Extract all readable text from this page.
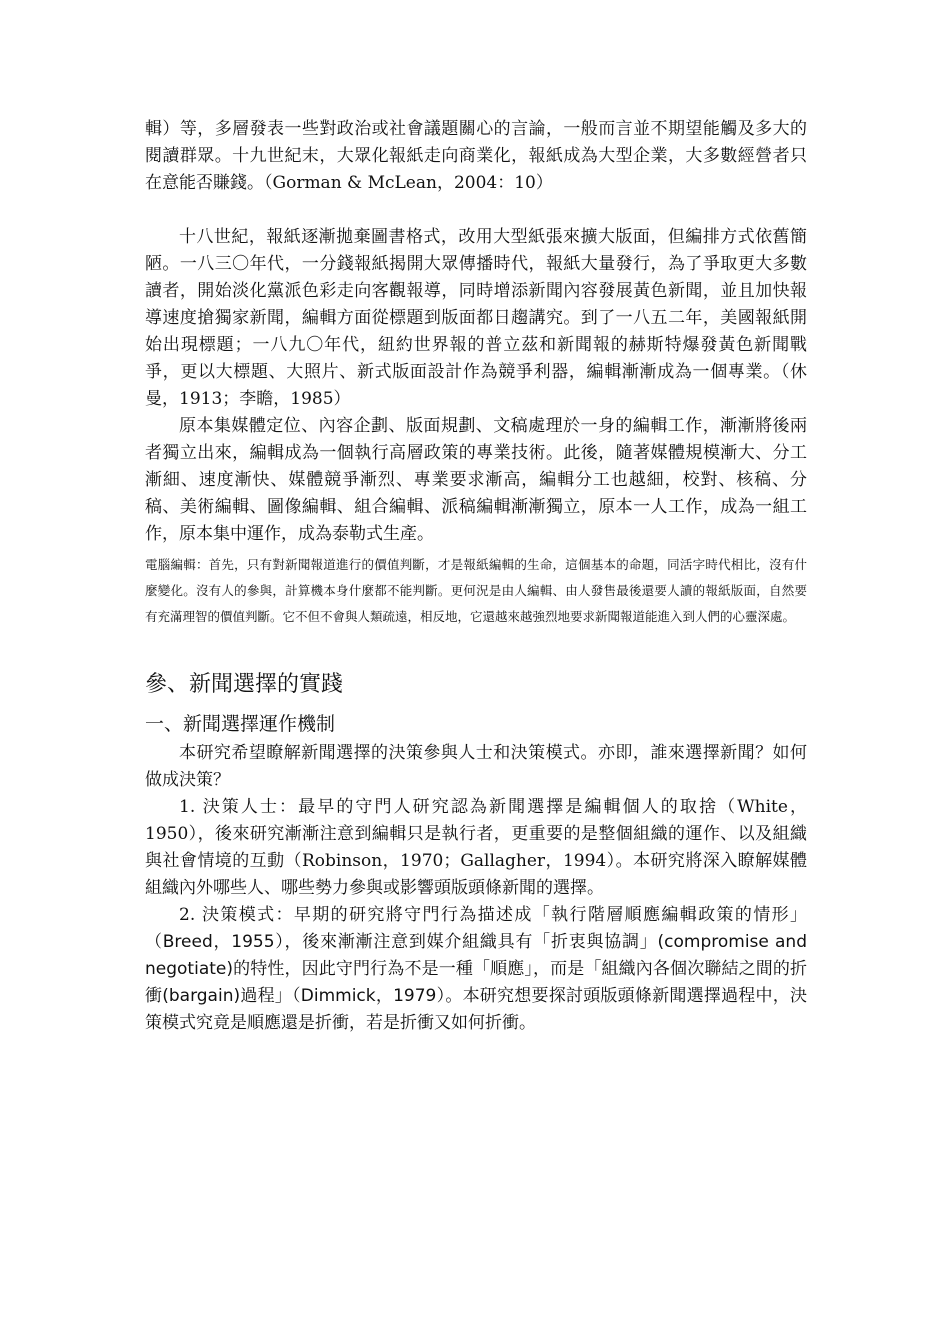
輯）等，多層發表一些對政治或社會議題關心的言論，一般而言並不期望能觸及多大的閱讀群眾。十九世紀末，大眾化報紙走向商業化，報紙成為大型企業，大多數經營者只在意能否賺錢。（Gorman & McLean，2004：10）

十八世紀，報紙逐漸拋棄圖書格式，改用大型紙張來擴大版面，但編排方式依舊簡陋。一八三〇年代，一分錢報紙揭開大眾傳播時代，報紙大量發行，為了爭取更大多數讀者，開始淡化黨派色彩走向客觀報導，同時增添新聞內容發展黃色新聞，並且加快報導速度搶獨家新聞，編輯方面從標題到版面都日趨講究。到了一八五二年，美國報紙開始出現標題；一八九〇年代，紐約世界報的普立茲和新聞報的赫斯特爆發黃色新聞戰爭，更以大標題、大照片、新式版面設計作為競爭利器，編輯漸漸成為一個專業。（休曼，1913；李瞻，1985）

原本集媒體定位、內容企劃、版面規劃、文稿處理於一身的編輯工作，漸漸將後兩者獨立出來，編輯成為一個執行高層政策的專業技術。此後，隨著媒體規模漸大、分工漸細、速度漸快、媒體競爭漸烈、專業要求漸高，編輯分工也越細，校對、核稿、分稿、美術編輯、圖像編輯、組合編輯、派稿編輯漸漸獨立，原本一人工作，成為一組工作，原本集中運作，成為泰勒式生產。

電腦編輯：首先，只有對新聞報道進行的價值判斷，才是報紙編輯的生命，這個基本的命題，同活字時代相比，沒有什麼變化。沒有人的參與，計算機本身什麼都不能判斷。更何況是由人編輯、由人發售最後還要人讀的報紙版面，自然要有充滿理智的價值判斷。它不但不會與人類疏遠，相反地，它還越來越強烈地要求新聞報道能進入到人們的心靈深處。

參、新聞選擇的實踐
一、新聞選擇運作機制

本研究希望瞭解新聞選擇的決策參與人士和決策模式。亦即，誰來選擇新聞？如何做成決策？

1. 決策人士：最早的守門人研究認為新聞選擇是編輯個人的取捨（White，1950），後來研究漸漸注意到編輯只是執行者，更重要的是整個組織的運作、以及組織與社會情境的互動（Robinson，1970；Gallagher，1994）。本研究將深入瞭解媒體組織內外哪些人、哪些勢力參與或影響頭版頭條新聞的選擇。

2. 決策模式：早期的研究將守門行為描述成「執行階層順應編輯政策的情形」（Breed，1955），後來漸漸注意到媒介組織具有「折衷與協調」(compromise and negotiate)的特性，因此守門行為不是一種「順應」，而是「組織內各個次聯結之間的折衝(bargain)過程」（Dimmick，1979）。本研究想要探討頭版頭條新聞選擇過程中，決策模式究竟是順應還是折衝，若是折衝又如何折衝。
